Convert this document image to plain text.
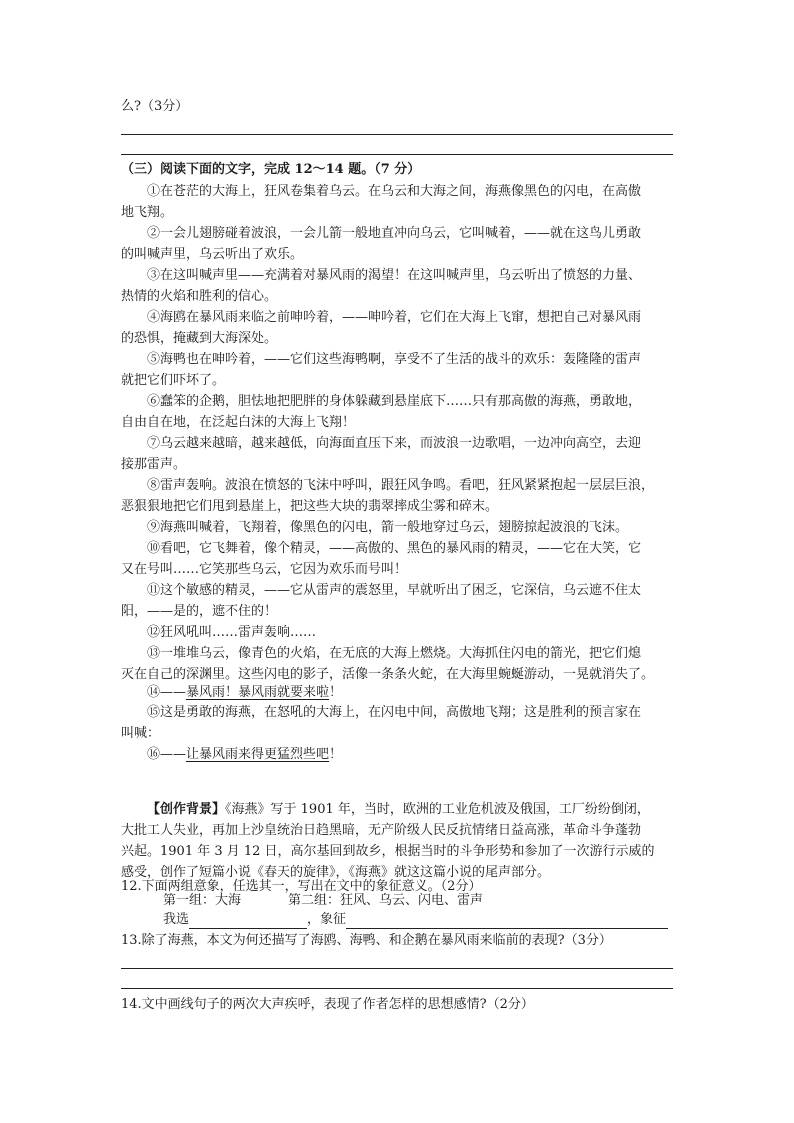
么?（3分）
（三）阅读下面的文字，完成 12～14 题。（7 分）
①在苍茫的大海上，狂风卷集着乌云。在乌云和大海之间，海燕像黑色的闪电，在高傲
地飞翔。
②一会儿翅膀碰着波浪，一会儿箭一般地直冲向乌云，它叫喊着，——就在这鸟儿勇敢
的叫喊声里，乌云听出了欢乐。
③在这叫喊声里——充满着对暴风雨的渴望！在这叫喊声里，乌云听出了愤怒的力量、
热情的火焰和胜利的信心。
④海鸥在暴风雨来临之前呻吟着，——呻吟着，它们在大海上飞窜，想把自己对暴风雨
的恐惧，掩藏到大海深处。
⑤海鸭也在呻吟着，——它们这些海鸭啊，享受不了生活的战斗的欢乐：轰隆隆的雷声
就把它们吓坏了。
⑥蠢笨的企鹅，胆怯地把肥胖的身体躲藏到悬崖底下……只有那高傲的海燕，勇敢地，
自由自在地，在泛起白沫的大海上飞翔！
⑦乌云越来越暗，越来越低，向海面直压下来，而波浪一边歌唱，一边冲向高空，去迎
接那雷声。
⑧雷声轰响。波浪在愤怒的飞沫中呼叫，跟狂风争鸣。看吧，狂风紧紧抱起一层层巨浪，
恶狠狠地把它们甩到悬崖上，把这些大块的翡翠摔成尘雾和碎末。
⑨海燕叫喊着，飞翔着，像黑色的闪电，箭一般地穿过乌云，翅膀掠起波浪的飞沫。
⑩看吧，它飞舞着，像个精灵，——高傲的、黑色的暴风雨的精灵，——它在大笑，它
又在号叫……它笑那些乌云，它因为欢乐而号叫！
⑪这个敏感的精灵，——它从雷声的震怒里，早就听出了困乏，它深信，乌云遮不住太
阳，——是的，遮不住的！
⑫狂风吼叫……雷声轰响……
⑬一堆堆乌云，像青色的火焰，在无底的大海上燃烧。大海抓住闪电的箭光，把它们熄
灭在自己的深渊里。这些闪电的影子，活像一条条火蛇，在大海里蜿蜒游动，一晃就消失了。
⑭——暴风雨！暴风雨就要来啦！
⑮这是勇敢的海燕，在怒吼的大海上，在闪电中间，高傲地飞翔；这是胜利的预言家在
叫喊：
⑯——让暴风雨来得更猛烈些吧！
【创作背景】《海燕》写于 1901 年，当时，欧洲的工业危机波及俄国，工厂纷纷倒闭，
大批工人失业，再加上沙皇统治日趋黑暗，无产阶级人民反抗情绪日益高涨，革命斗争蓬勃
兴起。1901 年 3 月 12 日，高尔基回到故乡，根据当时的斗争形势和参加了一次游行示威的
感受，创作了短篇小说《春天的旋律》，《海燕》就这这篇小说的尾声部分。
12.下面两组意象，任选其一，写出在文中的象征意义。（2分）
第一组：大海	第二组：狂风、乌云、闪电、雷声
我选	，象征
13.除了海燕，本文为何还描写了海鸥、海鸭、和企鹅在暴风雨来临前的表现?（3分）
14.文中画线句子的两次大声疾呼，表现了作者怎样的思想感情?（2分）
